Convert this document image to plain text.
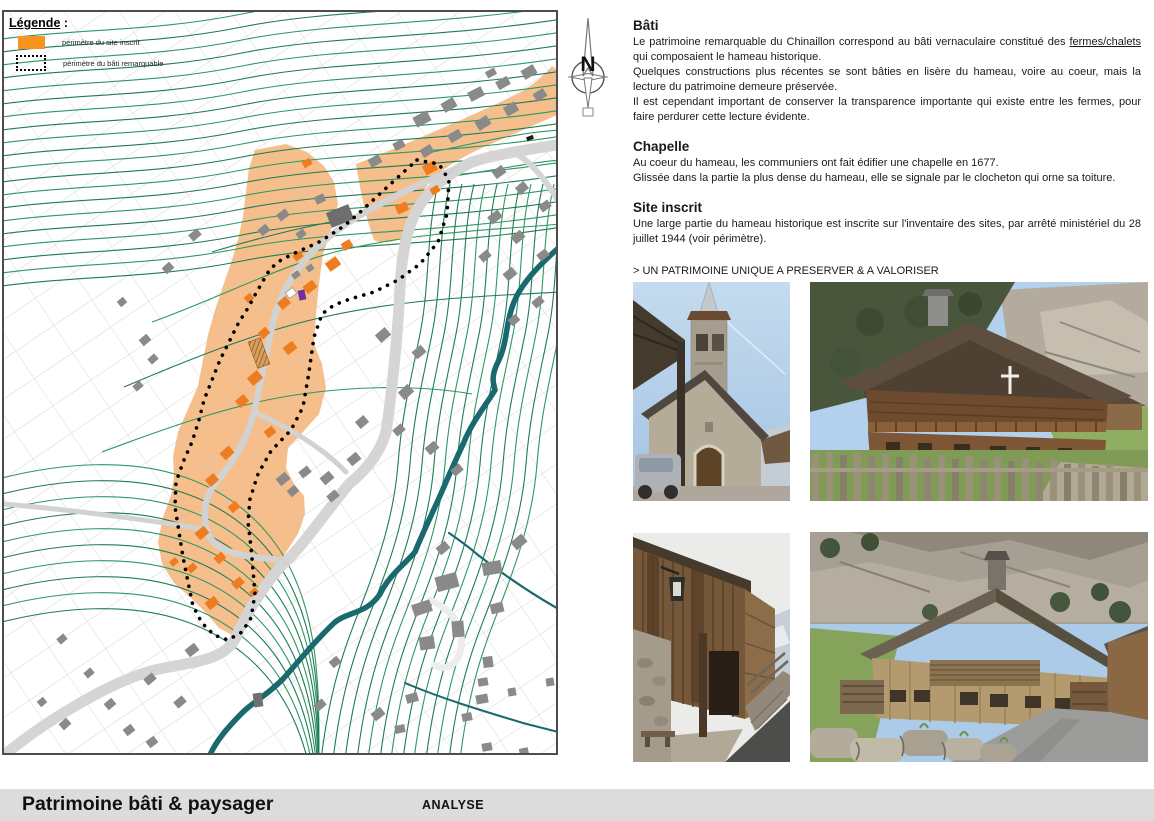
Légende :
périmètre du site inscrit
périmètre du bâti remarquable	N
Bâti

Le patrimoine remarquable du Chinaillon correspond au bâti vernaculaire constitué des fermes/chalets qui composaient le hameau historique.

Quelques constructions plus récentes se sont bâties en lisère du hameau, voire au coeur, mais la lecture du patrimoine demeure préservée.

Il est cependant important de conserver la transparence importante qui existe entre les fermes, pour faire perdurer cette lecture évidente.

Chapelle

Au coeur du hameau, les communiers ont fait édifier une chapelle en 1677.

Glissée dans la partie la plus dense du hameau, elle se signale par le clocheton qui orne sa toiture.

Site inscrit

Une large partie du hameau historique est inscrite sur l'inventaire des sites, par arrêté ministériel du 28 juillet 1944 (voir périmètre).

> UN PATRIMOINE UNIQUE A PRESERVER & A VALORISER

Patrimoine bâti & paysager	ANALYSE
